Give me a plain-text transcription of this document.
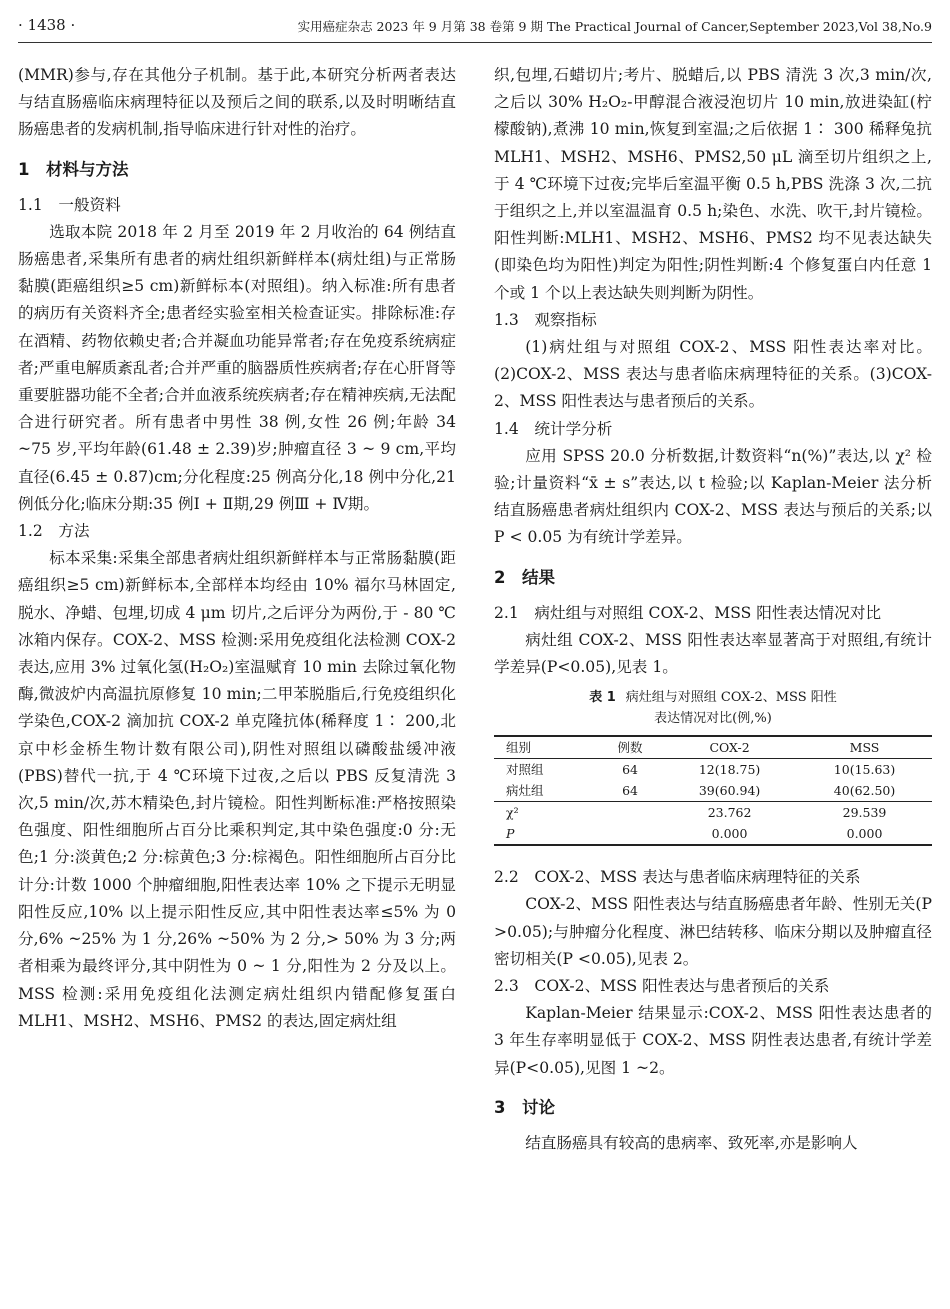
· 1438 ·	实用癌症杂志 2023 年 9 月第 38 卷第 9 期 The Practical Journal of Cancer,September 2023,Vol 38,No.9

(MMR)参与,存在其他分子机制。基于此,本研究分析两者表达与结直肠癌临床病理特征以及预后之间的联系,以及时明晰结直肠癌患者的发病机制,指导临床进行针对性的治疗。

1　材料与方法
1.1　一般资料

选取本院 2018 年 2 月至 2019 年 2 月收治的 64 例结直肠癌患者,采集所有患者的病灶组织新鲜样本(病灶组)与正常肠黏膜(距癌组织≥5 cm)新鲜标本(对照组)。纳入标准:所有患者的病历有关资料齐全;患者经实验室相关检查证实。排除标准:存在酒精、药物依赖史者;合并凝血功能异常者;存在免疫系统病症者;严重电解质紊乱者;合并严重的脑器质性疾病者;存在心肝肾等重要脏器功能不全者;合并血液系统疾病者;存在精神疾病,无法配合进行研究者。所有患者中男性 38 例,女性 26 例;年龄 34 ~75 岁,平均年龄(61.48 ± 2.39)岁;肿瘤直径 3 ~ 9 cm,平均直径(6.45 ± 0.87)cm;分化程度:25 例高分化,18 例中分化,21 例低分化;临床分期:35 例Ⅰ + Ⅱ期,29 例Ⅲ + Ⅳ期。

1.2　方法

标本采集:采集全部患者病灶组织新鲜样本与正常肠黏膜(距癌组织≥5 cm)新鲜标本,全部样本均经由 10% 福尔马林固定,脱水、净蜡、包埋,切成 4 μm 切片,之后评分为两份,于 - 80 ℃冰箱内保存。COX-2、MSS 检测:采用免疫组化法检测 COX-2 表达,应用 3% 过氧化氢(H₂O₂)室温赋育 10 min 去除过氧化物酶,微波炉内高温抗原修复 10 min;二甲苯脱脂后,行免疫组织化学染色,COX-2 滴加抗 COX-2 单克隆抗体(稀释度 1∶ 200,北京中杉金桥生物计数有限公司),阴性对照组以磷酸盐缓冲液(PBS)替代一抗,于 4 ℃环境下过夜,之后以 PBS 反复清洗 3 次,5 min/次,苏木精染色,封片镜检。阳性判断标准:严格按照染色强度、阳性细胞所占百分比乘积判定,其中染色强度:0 分:无色;1 分:淡黄色;2 分:棕黄色;3 分:棕褐色。阳性细胞所占百分比计分:计数 1000 个肿瘤细胞,阳性表达率 10% 之下提示无明显阳性反应,10% 以上提示阳性反应,其中阳性表达率≤5% 为 0 分,6% ~25% 为 1 分,26% ~50% 为 2 分,> 50% 为 3 分;两者相乘为最终评分,其中阴性为 0 ~ 1 分,阳性为 2 分及以上。MSS 检测:采用免疫组化法测定病灶组织内错配修复蛋白 MLH1、MSH2、MSH6、PMS2 的表达,固定病灶组

织,包埋,石蜡切片;考片、脱蜡后,以 PBS 清洗 3 次,3 min/次,之后以 30% H₂O₂-甲醇混合液浸泡切片 10 min,放进染缸(柠檬酸钠),煮沸 10 min,恢复到室温;之后依据 1∶ 300 稀释兔抗 MLH1、MSH2、MSH6、PMS2,50 μL 滴至切片组织之上,于 4 ℃环境下过夜;完毕后室温平衡 0.5 h,PBS 洗涤 3 次,二抗于组织之上,并以室温温育 0.5 h;染色、水洗、吹干,封片镜检。阳性判断:MLH1、MSH2、MSH6、PMS2 均不见表达缺失(即染色均为阳性)判定为阳性;阴性判断:4 个修复蛋白内任意 1 个或 1 个以上表达缺失则判断为阴性。

1.3　观察指标

(1)病灶组与对照组 COX-2、MSS 阳性表达率对比。(2)COX-2、MSS 表达与患者临床病理特征的关系。(3)COX-2、MSS 阳性表达与患者预后的关系。

1.4　统计学分析

应用 SPSS 20.0 分析数据,计数资料“n(%)”表达,以 χ² 检验;计量资料“x̄ ± s”表达,以 t 检验;以 Kaplan-Meier 法分析结直肠癌患者病灶组织内 COX-2、MSS 表达与预后的关系;以 P < 0.05 为有统计学差异。

2　结果
2.1　病灶组与对照组 COX-2、MSS 阳性表达情况对比

病灶组 COX-2、MSS 阳性表达率显著高于对照组,有统计学差异(P<0.05),见表 1。

表 1 病灶组与对照组 COX-2、MSS 阳性
表达情况对比(例,%)
组别	例数	COX-2	MSS
对照组	64	12(18.75)	10(15.63)
病灶组	64	39(60.94)	40(62.50)
χ²		23.762	29.539
P		0.000	0.000
2.2　COX-2、MSS 表达与患者临床病理特征的关系

COX-2、MSS 阳性表达与结直肠癌患者年龄、性别无关(P >0.05);与肿瘤分化程度、淋巴结转移、临床分期以及肿瘤直径密切相关(P <0.05),见表 2。

2.3　COX-2、MSS 阳性表达与患者预后的关系

Kaplan-Meier 结果显示:COX-2、MSS 阳性表达患者的 3 年生存率明显低于 COX-2、MSS 阴性表达患者,有统计学差异(P<0.05),见图 1 ~2。

3　讨论

结直肠癌具有较高的患病率、致死率,亦是影响人
